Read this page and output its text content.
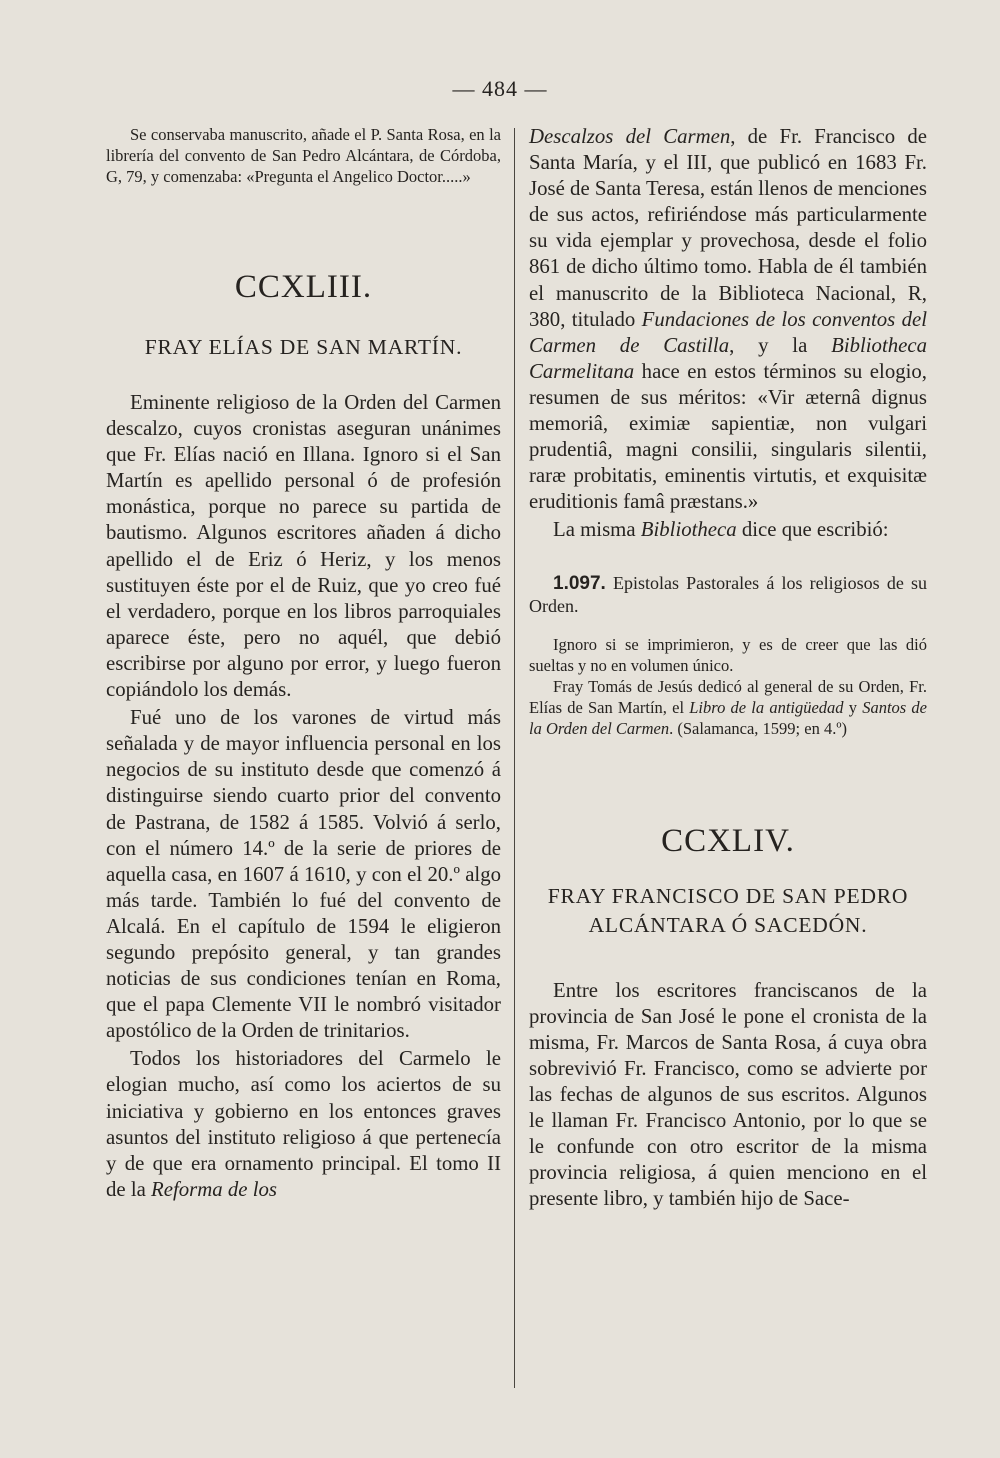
— 484 —

Se conservaba manuscrito, añade el P. Santa Rosa, en la librería del convento de San Pedro Alcántara, de Córdoba, G, 79, y comenzaba: «Pregunta el Angelico Doctor.....»

CCXLIII.
FRAY ELÍAS DE SAN MARTÍN.

Eminente religioso de la Orden del Carmen descalzo, cuyos cronistas aseguran unánimes que Fr. Elías nació en Illana. Ignoro si el San Martín es apellido personal ó de profesión monástica, porque no parece su partida de bautismo. Algunos escritores añaden á dicho apellido el de Eriz ó Heriz, y los menos sustituyen éste por el de Ruiz, que yo creo fué el verdadero, porque en los libros parroquiales aparece éste, pero no aquél, que debió escribirse por alguno por error, y luego fueron copiándolo los demás.

Fué uno de los varones de virtud más señalada y de mayor influencia personal en los negocios de su instituto desde que comenzó á distinguirse siendo cuarto prior del convento de Pastrana, de 1582 á 1585. Volvió á serlo, con el número 14.º de la serie de priores de aquella casa, en 1607 á 1610, y con el 20.º algo más tarde. También lo fué del convento de Alcalá. En el capítulo de 1594 le eligieron segundo prepósito general, y tan grandes noticias de sus condiciones tenían en Roma, que el papa Clemente VII le nombró visitador apostólico de la Orden de trinitarios.

Todos los historiadores del Carmelo le elogian mucho, así como los aciertos de su iniciativa y gobierno en los entonces graves asuntos del instituto religioso á que pertenecía y de que era ornamento principal. El tomo II de la Reforma de los

Descalzos del Carmen, de Fr. Francisco de Santa María, y el III, que publicó en 1683 Fr. José de Santa Teresa, están llenos de menciones de sus actos, refiriéndose más particularmente su vida ejemplar y provechosa, desde el folio 861 de dicho último tomo. Habla de él también el manuscrito de la Biblioteca Nacional, R, 380, titulado Fundaciones de los conventos del Carmen de Castilla, y la Bibliotheca Carmelitana hace en estos términos su elogio, resumen de sus méritos: «Vir æternâ dignus memoriâ, eximiæ sapientiæ, non vulgari prudentiâ, magni consilii, singularis silentii, raræ probitatis, eminentis virtutis, et exquisitæ eruditionis famâ præstans.»

La misma Bibliotheca dice que escribió:

1.097. Epistolas Pastorales á los religiosos de su Orden.

Ignoro si se imprimieron, y es de creer que las dió sueltas y no en volumen único.

Fray Tomás de Jesús dedicó al general de su Orden, Fr. Elías de San Martín, el Libro de la antigüedad y Santos de la Orden del Carmen. (Salamanca, 1599; en 4.º)

CCXLIV.
FRAY FRANCISCO DE SAN PEDRO
ALCÁNTARA Ó SACEDÓN.

Entre los escritores franciscanos de la provincia de San José le pone el cronista de la misma, Fr. Marcos de Santa Rosa, á cuya obra sobrevivió Fr. Francisco, como se advierte por las fechas de algunos de sus escritos. Algunos le llaman Fr. Francisco Antonio, por lo que se le confunde con otro escritor de la misma provincia religiosa, á quien menciono en el presente libro, y también hijo de Sace-
